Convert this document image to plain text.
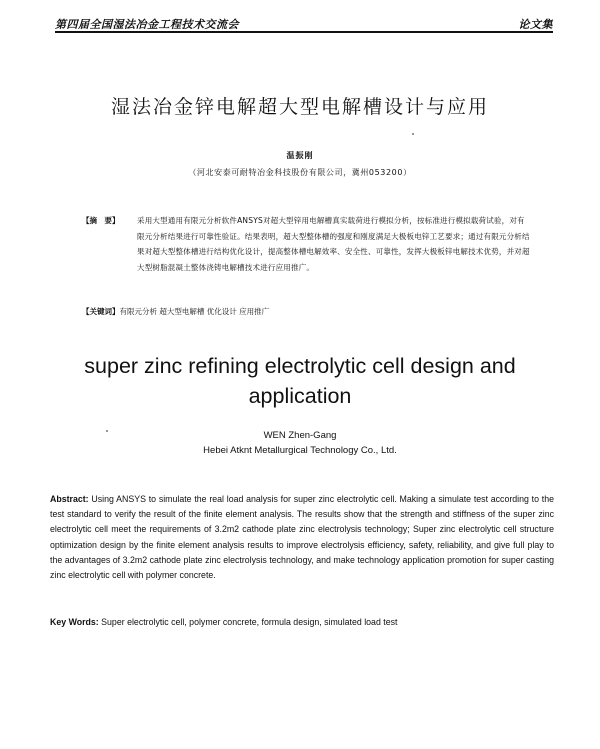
第四届全国湿法冶金工程技术交流会	论文集
湿法冶金锌电解超大型电解槽设计与应用
温振刚
（河北安泰可耐特冶金科技股份有限公司，冀州053200）
【摘　要】 采用大型通用有限元分析软件ANSYS对超大型锌用电解槽真实载荷进行模拟分析，按标准进行模拟载荷试验，对有限元分析结果进行可靠性验证。结果表明，超大型整体槽的强度和刚度满足大极板电锌工艺要求；通过有限元分析结果对超大型整体槽进行结构优化设计，提高整体槽电解效率、安全性、可靠性，发挥大极板锌电解技术优势，并对超大型树脂混凝土整体浇铸电解槽技术进行应用推广。
【关键词】有限元分析 超大型电解槽 优化设计 应用推广
super zinc refining electrolytic cell design and application
WEN Zhen-Gang
Hebei Atknt Metallurgical Technology Co., Ltd.
Abstract: Using ANSYS to simulate the real load analysis for super zinc electrolytic cell. Making a simulate test according to the test standard to verify the result of the finite element analysis. The results show that the strength and stiffness of the super zinc electrolytic cell meet the requirements of 3.2m2 cathode plate zinc electrolysis technology; Super zinc electrolytic cell structure optimization design by the finite element analysis results to improve electrolysis efficiency, safety, reliability, and give full play to the advantages of 3.2m2 cathode plate zinc electrolysis technology, and make technology application promotion for super casting zinc electrolytic cell with polymer concrete.
Key Words: Super electrolytic cell, polymer concrete, formula design, simulated load test
